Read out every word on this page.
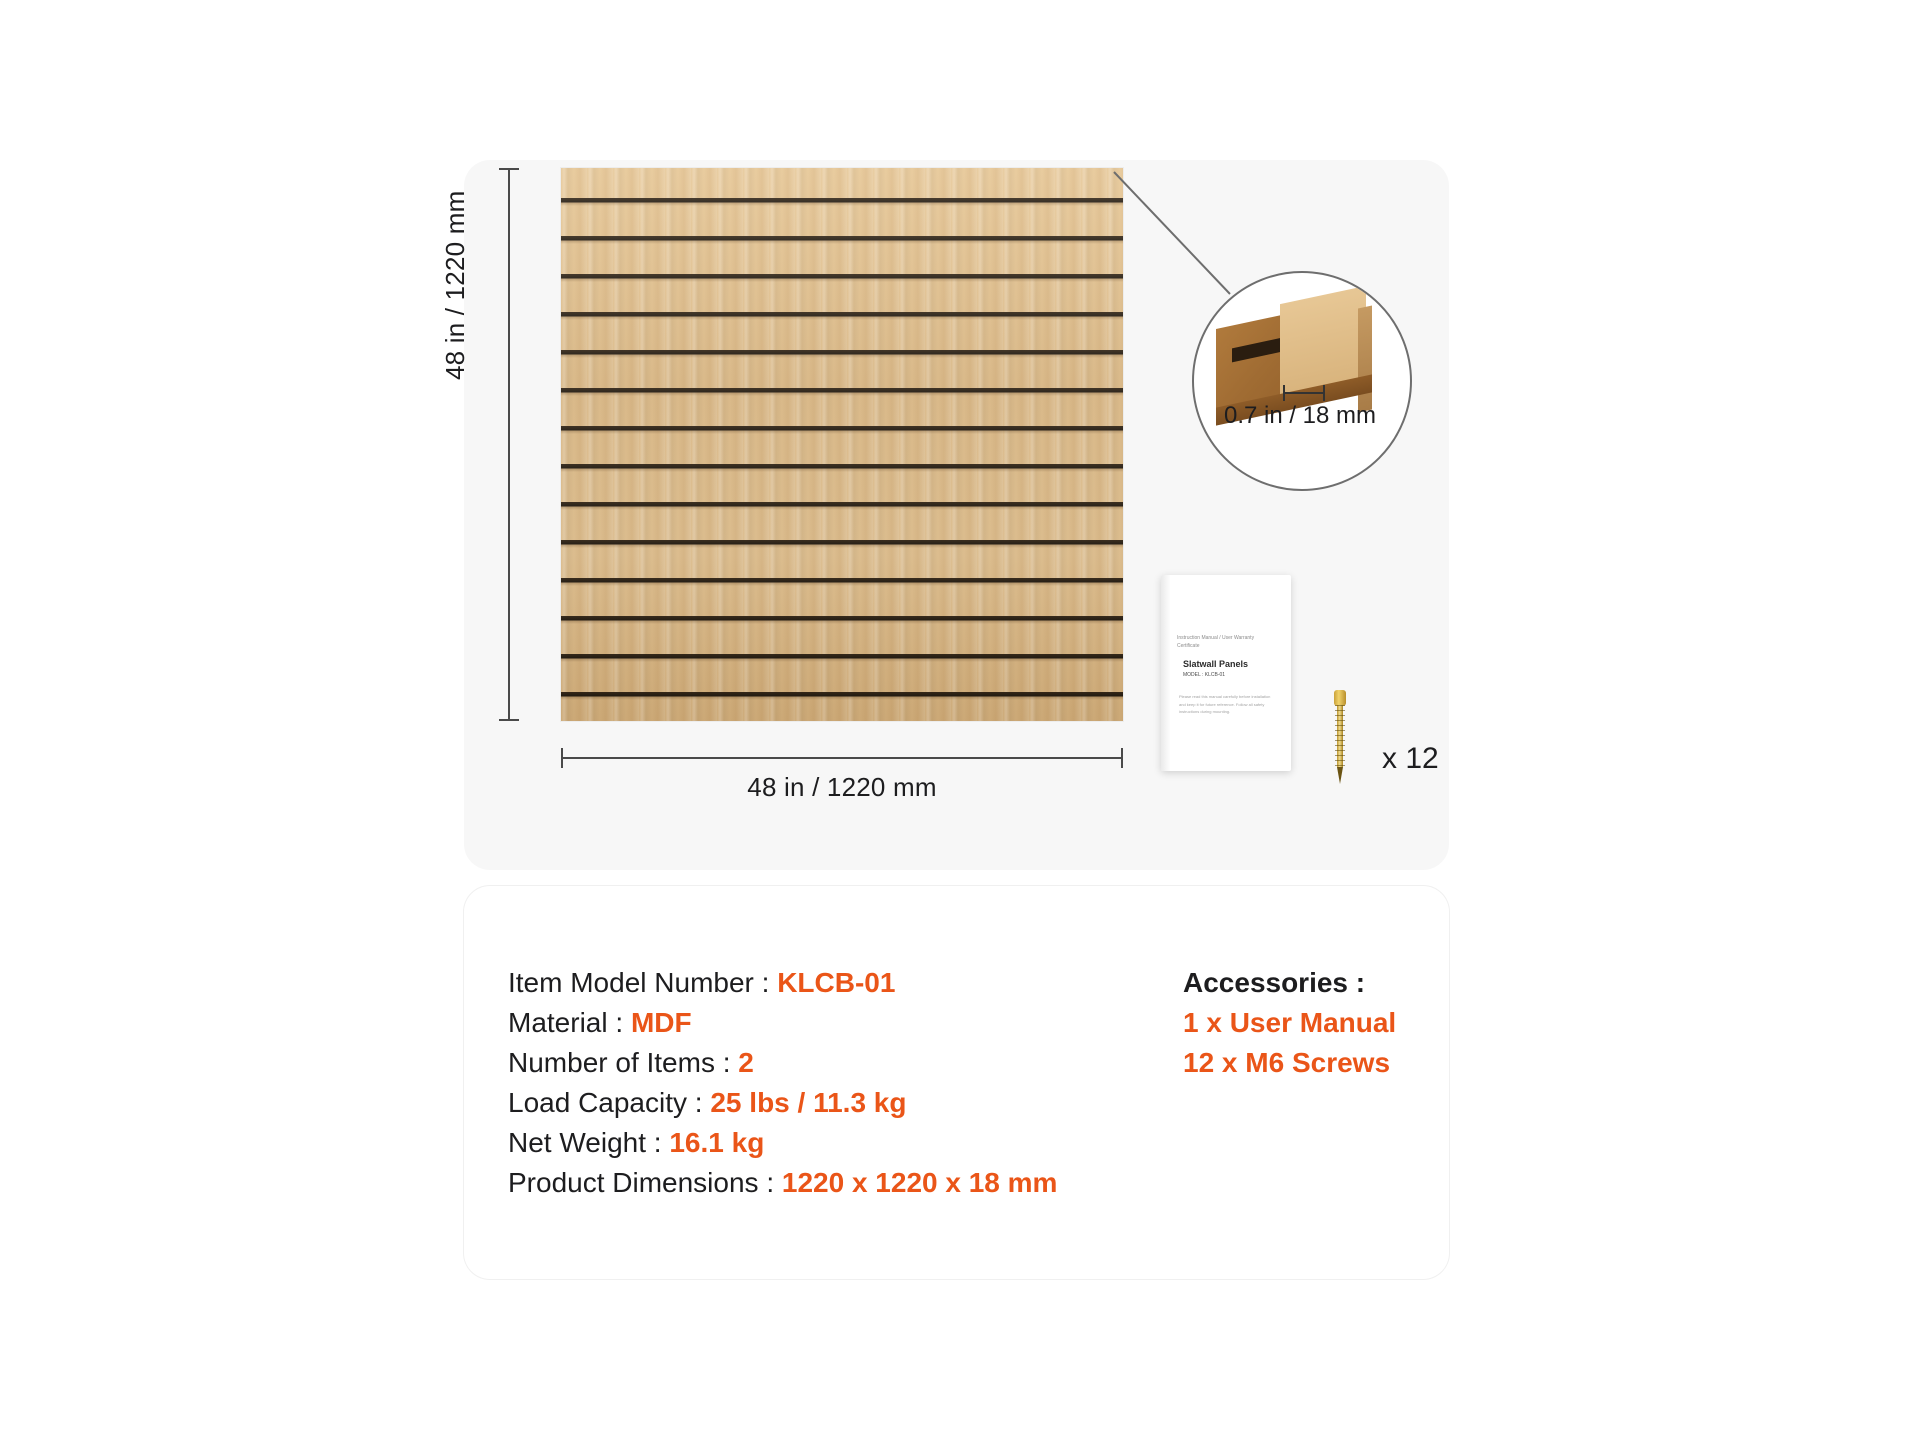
48 in / 1220 mm
48 in / 1220 mm
0.7 in / 18 mm
Instruction Manual / User Warranty Certificate
Slatwall Panels
MODEL : KLCB-01
Please read this manual carefully before installation and keep it for future reference. Follow all safety instructions during mounting.
x 12
Item Model Number : KLCB-01
Material : MDF
Number of Items : 2
Load Capacity : 25 lbs / 11.3 kg
Net Weight : 16.1 kg
Product Dimensions : 1220 x 1220 x 18 mm
Accessories :
1 x User Manual
12 x M6 Screws
